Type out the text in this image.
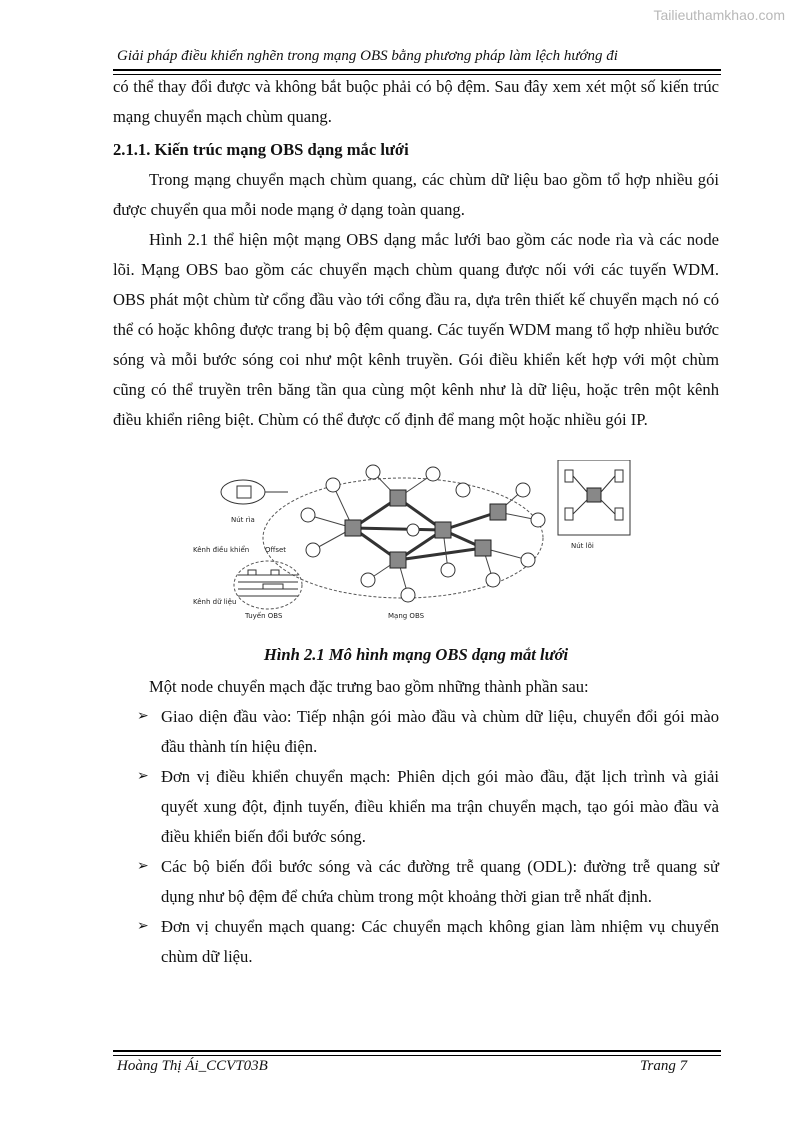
Tailieuthamkhao.com
Giải pháp điều khiển nghẽn trong mạng OBS bằng phương pháp làm lệch hướng đi

có thể thay đổi được và không bắt buộc phải có bộ đệm. Sau đây xem xét một số kiến trúc mạng chuyển mạch chùm quang.

2.1.1. Kiến trúc mạng OBS dạng mắc lưới

Trong mạng chuyển mạch chùm quang, các chùm dữ liệu bao gồm tổ hợp nhiều gói được chuyển qua mỗi node mạng ở dạng toàn quang.

Hình 2.1 thể hiện một mạng OBS dạng mắc lưới bao gồm các node rìa và các node lõi. Mạng OBS bao gồm các chuyển mạch chùm quang được nối với các tuyến WDM. OBS phát một chùm từ cổng đầu vào tới cổng đầu ra, dựa trên thiết kế chuyển mạch nó có thể có hoặc không được trang bị bộ đệm quang. Các tuyến WDM mang tổ hợp nhiều bước sóng và mỗi bước sóng coi như một kênh truyền. Gói điều khiển kết hợp với một chùm cũng có thể truyền trên băng tần qua cùng một kênh như là dữ liệu, hoặc trên một kênh điều khiển riêng biệt. Chùm có thể được cố định để mang một hoặc nhiều gói IP.

Nút rìa
Kênh điều khiển Offset
Kênh dữ liệu
Tuyến OBS	Mạng OBS
Nút lõi

Hình 2.1 Mô hình mạng OBS dạng mắt lưới

Một node chuyển mạch đặc trưng bao gồm những thành phần sau:

➢ Giao diện đầu vào: Tiếp nhận gói mào đầu và chùm dữ liệu, chuyển đổi gói mào đầu thành tín hiệu điện.
➢ Đơn vị điều khiển chuyển mạch: Phiên dịch gói mào đầu, đặt lịch trình và giải quyết xung đột, định tuyến, điều khiển ma trận chuyển mạch, tạo gói mào đầu và điều khiển biến đổi bước sóng.
➢ Các bộ biến đổi bước sóng và các đường trễ quang (ODL): đường trễ quang sử dụng như bộ đệm để chứa chùm trong một khoảng thời gian trễ nhất định.
➢ Đơn vị chuyển mạch quang: Các chuyển mạch không gian làm nhiệm vụ chuyển chùm dữ liệu.
Hoàng Thị Ái_CCVT03B	Trang 7
